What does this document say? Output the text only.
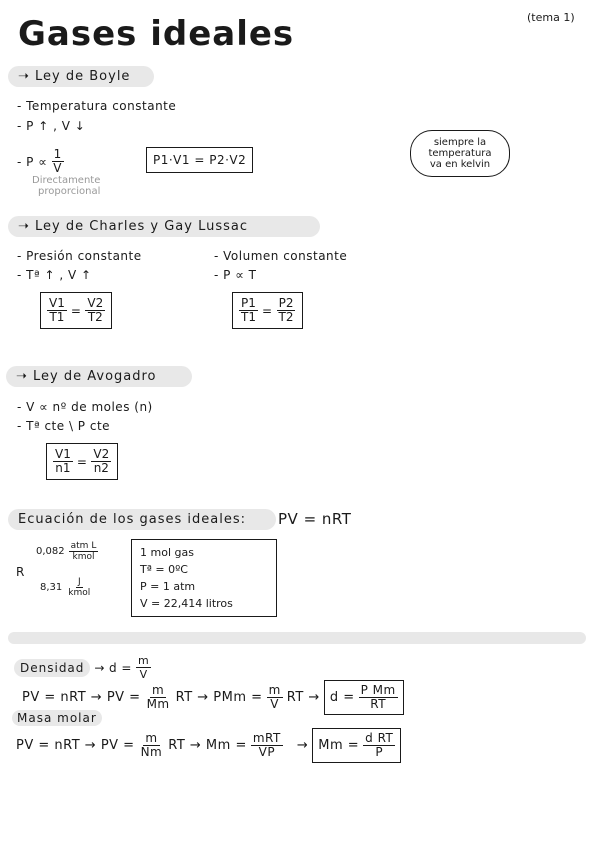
Gases ideales	(tema 1)
➝ Ley de Boyle
- Temperatura constante
- P ↑ , V ↓
- $P \propto \frac{1}{V}$
Directamente
proporcional
P1·V1 = P2·V2
siempre la
temperatura
va en kelvin
➝ Ley de Charles y Gay Lussac
- Presión constante
- Tª ↑ , V ↑
$\frac{V1}{T1} = \frac{V2}{T2}$
- Volumen constante
- P ∝ T
$\frac{P1}{T1} = \frac{P2}{T2}$
➝ Ley de Avogadro
- V ∝ nº de moles (n)
- Tª cte \ P cte
$\frac{V1}{n1} = \frac{V2}{n2}$
Ecuación de los gases ideales:	PV = nRT
R
$0,082 \frac{\text{atm L}}{\text{kmol}}$
$8,31 \frac{J}{\text{kmol}}$
1 mol gas
Tª = 0ºC
P = 1 atm
V = 22,414 litros
Densidad → $d = \frac{m}{V}$
PV = nRT → PV = $\frac{m}{Mm}$ RT → PMm = $\frac{m}{V}$ RT → $d = \frac{\text{P Mm}}{RT}$
Masa molar
PV = nRT → PV = $\frac{m}{Nm}$ RT → $Mm = \frac{\text{mRT}}{VP} \to Mm = \frac{\text{d RT}}{P}$
